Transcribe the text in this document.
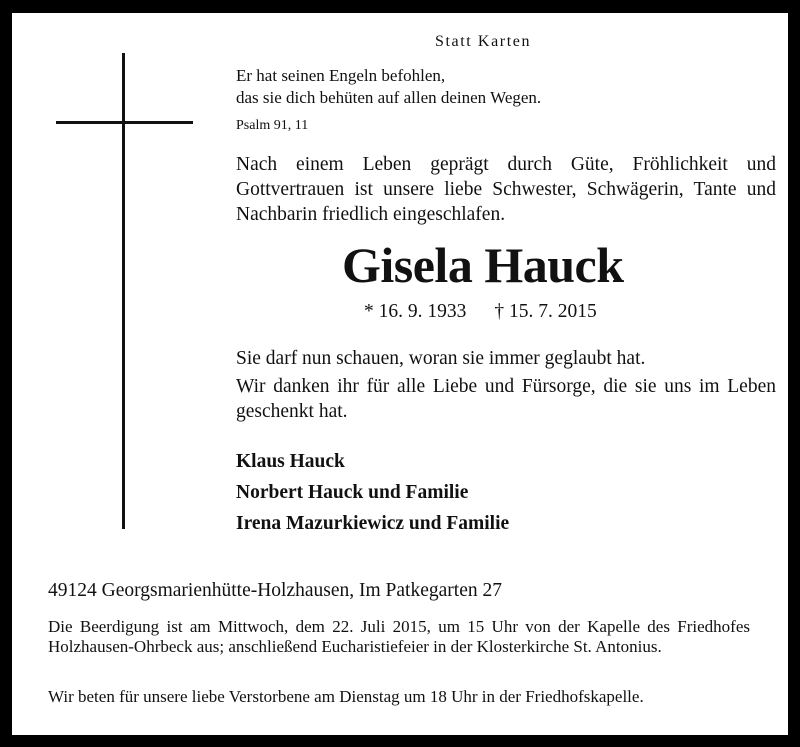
Statt Karten
Er hat seinen Engeln befohlen,
das sie dich behüten auf allen deinen Wegen.
Psalm 91, 11
Nach einem Leben geprägt durch Güte, Fröhlichkeit und Gottvertrauen ist unsere liebe Schwester, Schwägerin, Tante und Nachbarin friedlich eingeschlafen.
Gisela Hauck
* 16. 9. 1933 † 15. 7. 2015
Sie darf nun schauen, woran sie immer geglaubt hat.
Wir danken ihr für alle Liebe und Fürsorge, die sie uns im Leben geschenkt hat.
Klaus Hauck
Norbert Hauck und Familie
Irena Mazurkiewicz und Familie
49124 Georgsmarienhütte-Holzhausen, Im Patkegarten 27
Die Beerdigung ist am Mittwoch, dem 22. Juli 2015, um 15 Uhr von der Kapelle des Friedhofes Holzhausen-Ohrbeck aus; anschließend Eucharistiefeier in der Klosterkirche St. Antonius.
Wir beten für unsere liebe Verstorbene am Dienstag um 18 Uhr in der Friedhofskapelle.
